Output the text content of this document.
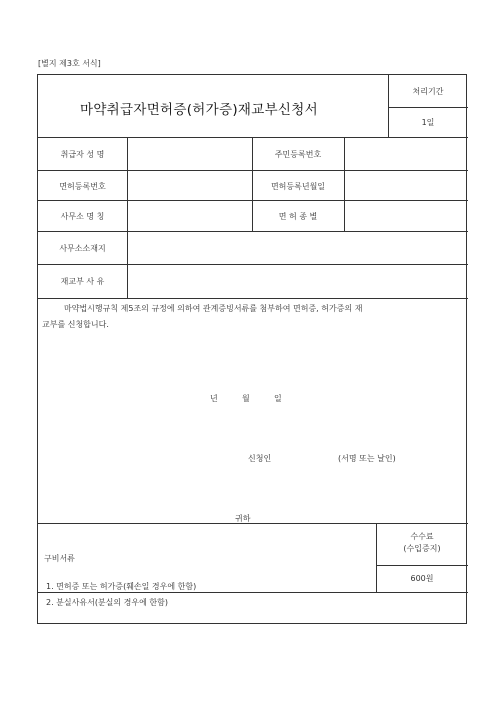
[별지 제3호 서식]
마약취급자면허증(허가증)재교부신청서
처리기간
1일
취급자 성 명	주민등록번호
면허등록번호	면허등록년월일
사무소 명 칭	면 허 종 별
사무소소재지
재교부 사 유
마약법시행규칙 제5조의 규정에 의하여 관계증빙서류를 첨부하여 면허증, 허가증의 재
교부를 신청합니다.
년	월	일
신청인	(서명 또는 날인)
귀하
구비서류
수수료
(수입증지)
600원
1. 면허증 또는 허가증(훼손일 경우에 한함)
2. 분실사유서(분실의 경우에 한함)
